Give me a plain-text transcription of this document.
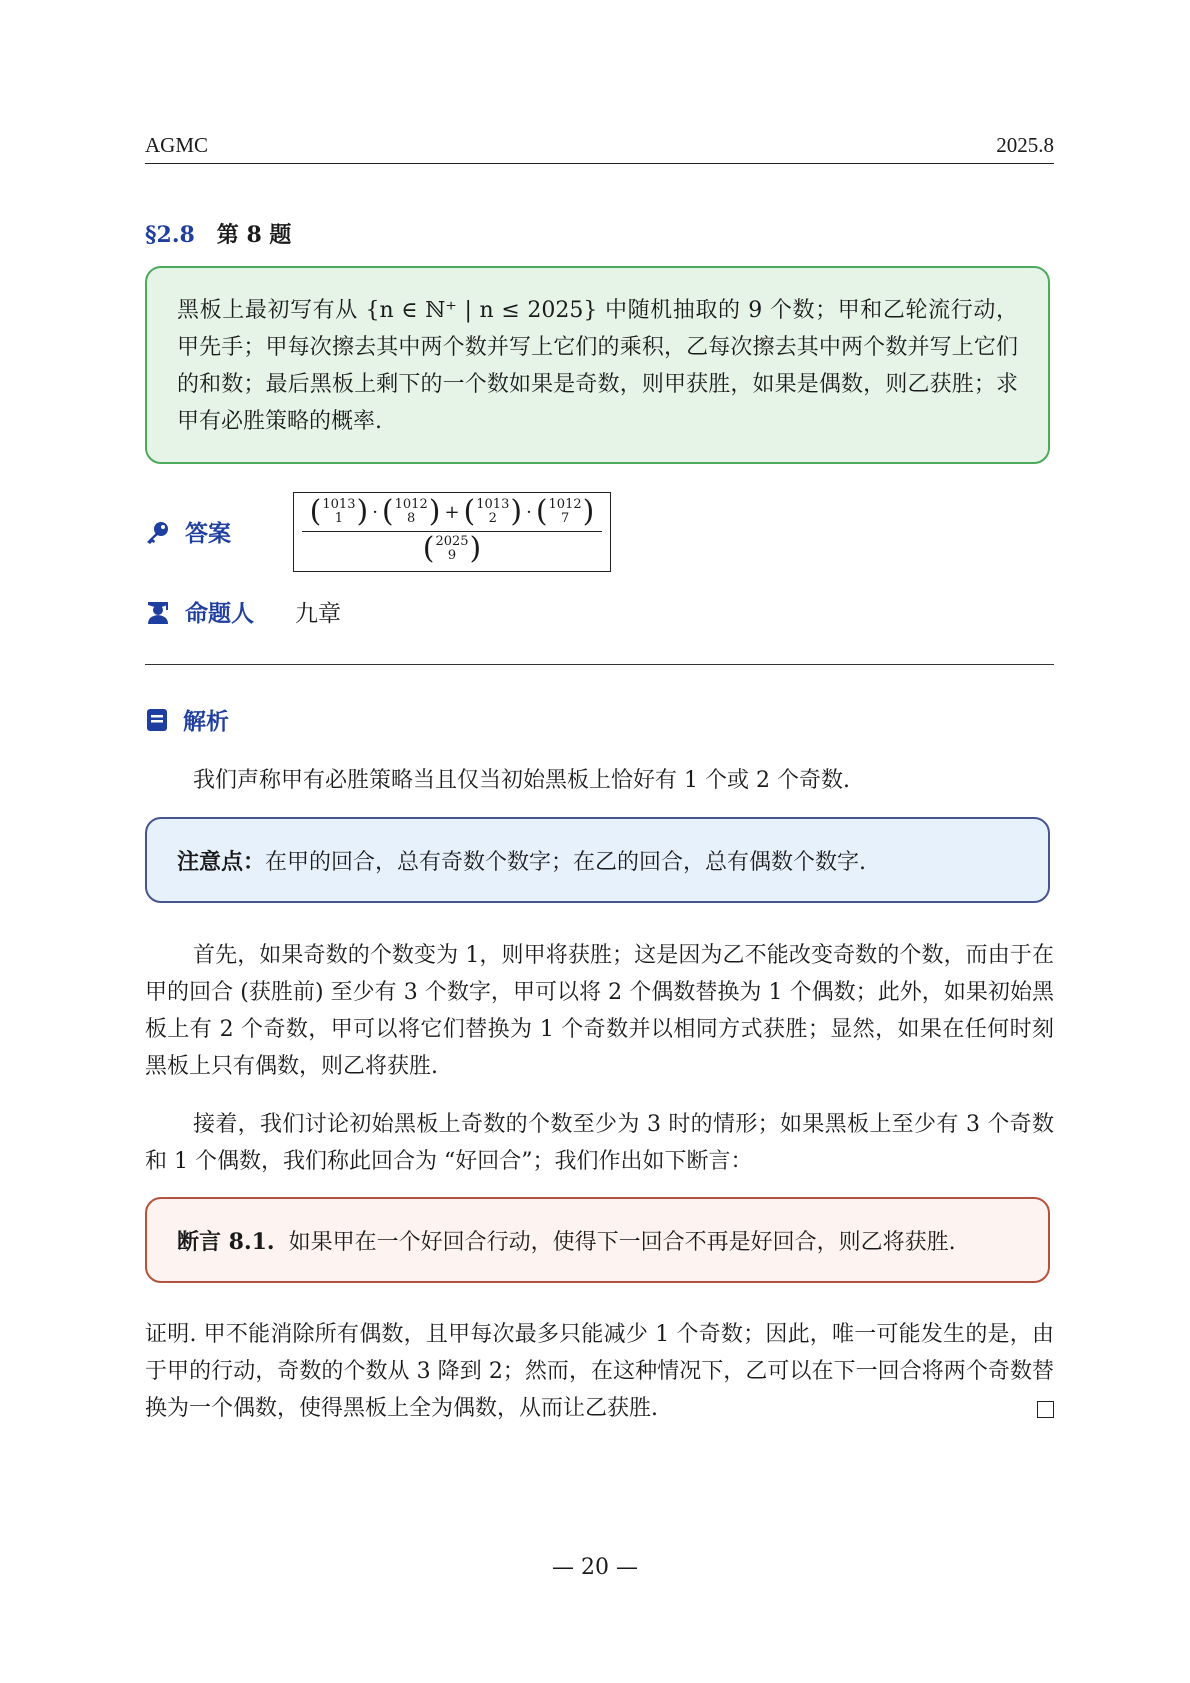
AGMC	2025.8
§2.8 第 8 题
黑板上最初写有从 {n ∈ ℕ⁺ | n ≤ 2025} 中随机抽取的 9 个数；甲和乙轮流行动，甲先手；甲每次擦去其中两个数并写上它们的乘积，乙每次擦去其中两个数并写上它们的和数；最后黑板上剩下的一个数如果是奇数，则甲获胜，如果是偶数，则乙获胜；求甲有必胜策略的概率.
答案
( 1013
1 ) · ( 1012
8 ) + ( 1013
2 ) · ( 1012
7 )
( 2025
9 )
命题人 九章
解析
我们声称甲有必胜策略当且仅当初始黑板上恰好有 1 个或 2 个奇数.
注意点：在甲的回合，总有奇数个数字；在乙的回合，总有偶数个数字.
首先，如果奇数的个数变为 1，则甲将获胜；这是因为乙不能改变奇数的个数，而由于在甲的回合 (获胜前) 至少有 3 个数字，甲可以将 2 个偶数替换为 1 个偶数；此外，如果初始黑板上有 2 个奇数，甲可以将它们替换为 1 个奇数并以相同方式获胜；显然，如果在任何时刻黑板上只有偶数，则乙将获胜.
接着，我们讨论初始黑板上奇数的个数至少为 3 时的情形；如果黑板上至少有 3 个奇数和 1 个偶数，我们称此回合为 “好回合”；我们作出如下断言：
断言 8.1. 如果甲在一个好回合行动，使得下一回合不再是好回合，则乙将获胜.
证明. 甲不能消除所有偶数，且甲每次最多只能减少 1 个奇数；因此，唯一可能发生的是，由于甲的行动，奇数的个数从 3 降到 2；然而，在这种情况下，乙可以在下一回合将两个奇数替换为一个偶数，使得黑板上全为偶数，从而让乙获胜.
— 20 —
